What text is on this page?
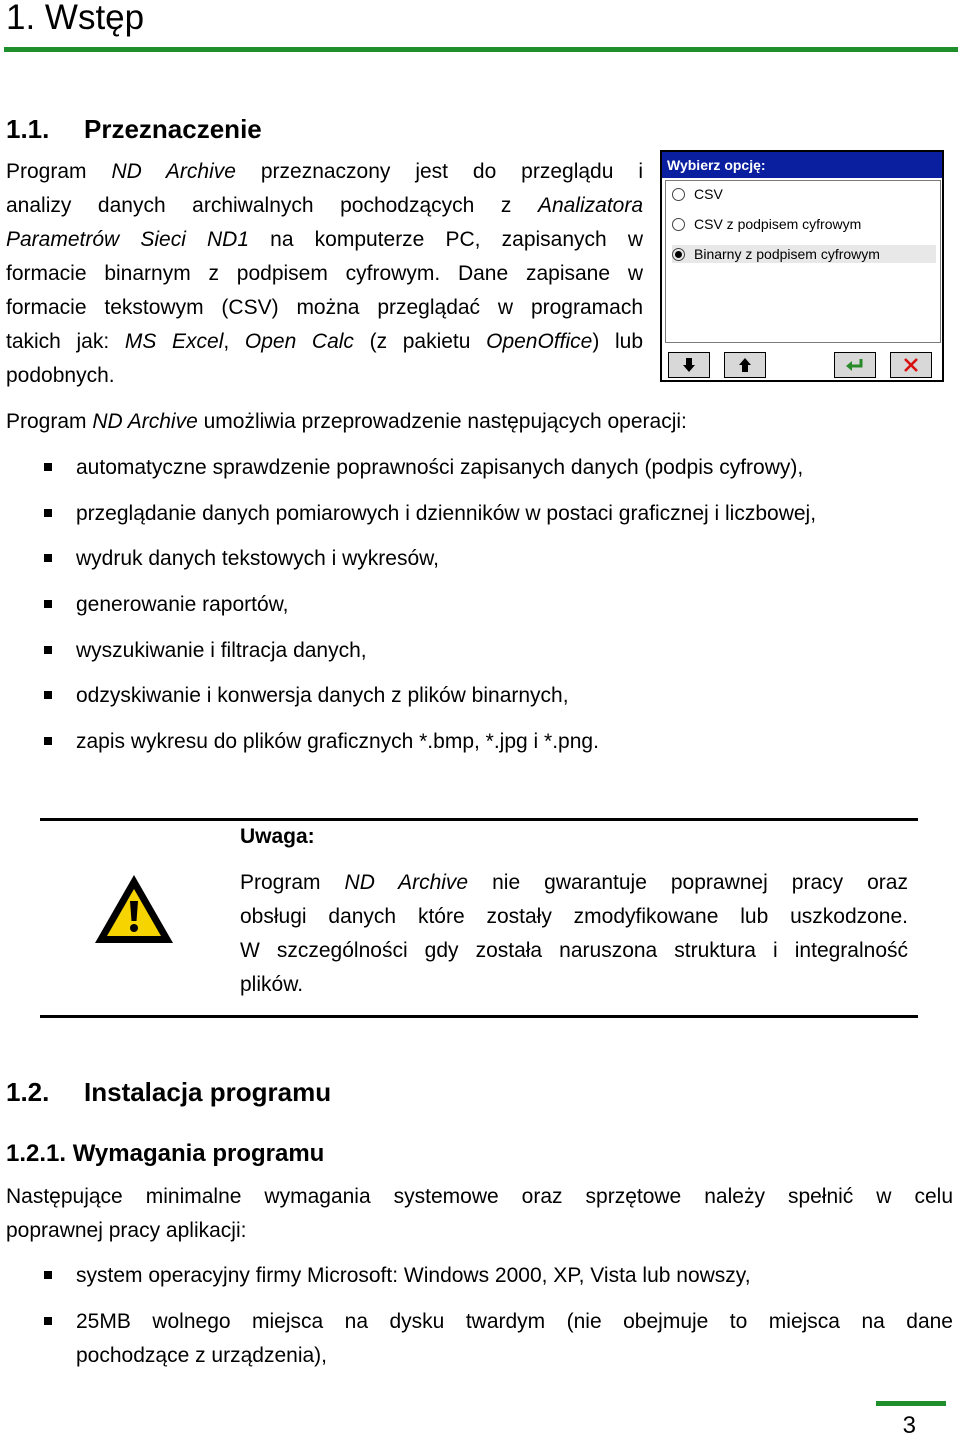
1. Wstęp
1.1. Przeznaczenie
Program ND Archive przeznaczony jest do przeglądu i
analizy danych archiwalnych pochodzących z Analizatora
Parametrów Sieci ND1 na komputerze PC, zapisanych w
formacie binarnym z podpisem cyfrowym. Dane zapisane w
formacie tekstowym (CSV) można przeglądać w programach
takich jak: MS Excel, Open Calc (z pakietu OpenOffice) lub
podobnych.
Wybierz opcję:
CSV
CSV z podpisem cyfrowym
Binarny z podpisem cyfrowym
Program ND Archive umożliwia przeprowadzenie następujących operacji:
automatyczne sprawdzenie poprawności zapisanych danych (podpis cyfrowy),
przeglądanie danych pomiarowych i dzienników w postaci graficznej i liczbowej,
wydruk danych tekstowych i wykresów,
generowanie raportów,
wyszukiwanie i filtracja danych,
odzyskiwanie i konwersja danych z plików binarnych,
zapis wykresu do plików graficznych *.bmp, *.jpg i *.png.
Uwaga:
Program ND Archive nie gwarantuje poprawnej pracy oraz
obsługi danych które zostały zmodyfikowane lub uszkodzone.
W szczególności gdy została naruszona struktura i integralność
plików.
1.2. Instalacja programu
1.2.1. Wymagania programu
Następujące minimalne wymagania systemowe oraz sprzętowe należy spełnić w celu
poprawnej pracy aplikacji:
system operacyjny firmy Microsoft: Windows 2000, XP, Vista lub nowszy,
25MB wolnego miejsca na dysku twardym (nie obejmuje to miejsca na dane
pochodzące z urządzenia),
3
